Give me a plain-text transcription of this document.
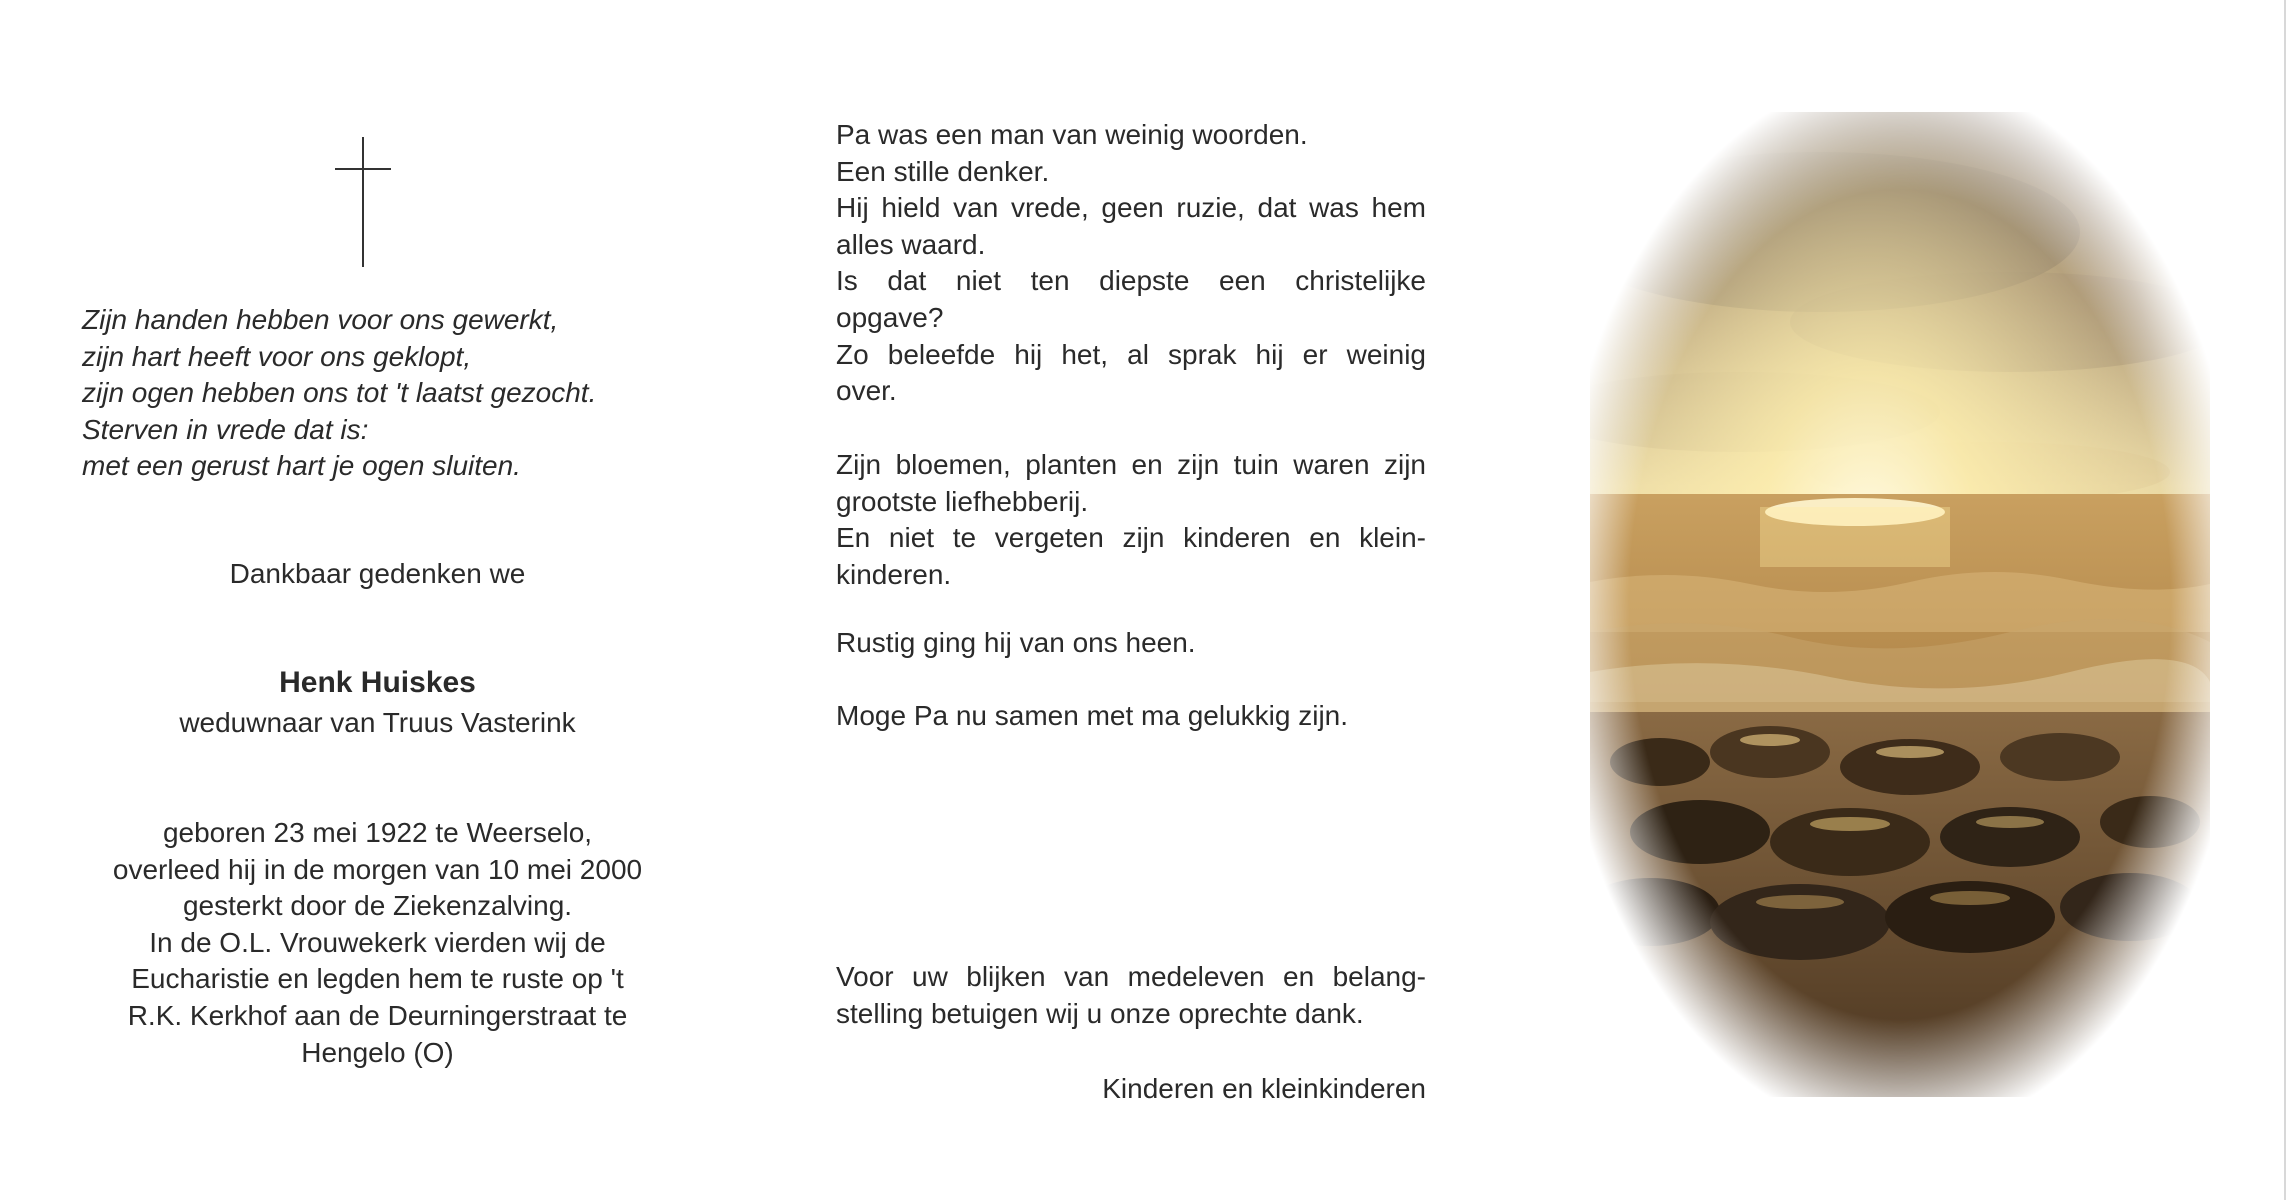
Zijn handen hebben voor ons gewerkt,
zijn hart heeft voor ons geklopt,
zijn ogen hebben ons tot 't laatst gezocht.
Sterven in vrede dat is:
met een gerust hart je ogen sluiten.
Dankbaar gedenken we
Henk Huiskes
weduwnaar van Truus Vasterink
geboren 23 mei 1922 te Weerselo,
overleed hij in de morgen van 10 mei 2000
gesterkt door de Ziekenzalving.
In de O.L. Vrouwekerk vierden wij de
Eucharistie en legden hem te ruste op 't
R.K. Kerkhof aan de Deurningerstraat te
Hengelo (O)
Pa was een man van weinig woorden.
Een stille denker.
Hij hield van vrede, geen ruzie, dat was hem
alles waard.
Is dat niet ten diepste een christelijke
opgave?
Zo beleefde hij het, al sprak hij er weinig
over.
Zijn bloemen, planten en zijn tuin waren zijn
grootste liefhebberij.
En niet te vergeten zijn kinderen en klein-
kinderen.
Rustig ging hij van ons heen.
Moge Pa nu samen met ma gelukkig zijn.
Voor uw blijken van medeleven en belang-
stelling betuigen wij u onze oprechte dank.
Kinderen en kleinkinderen
